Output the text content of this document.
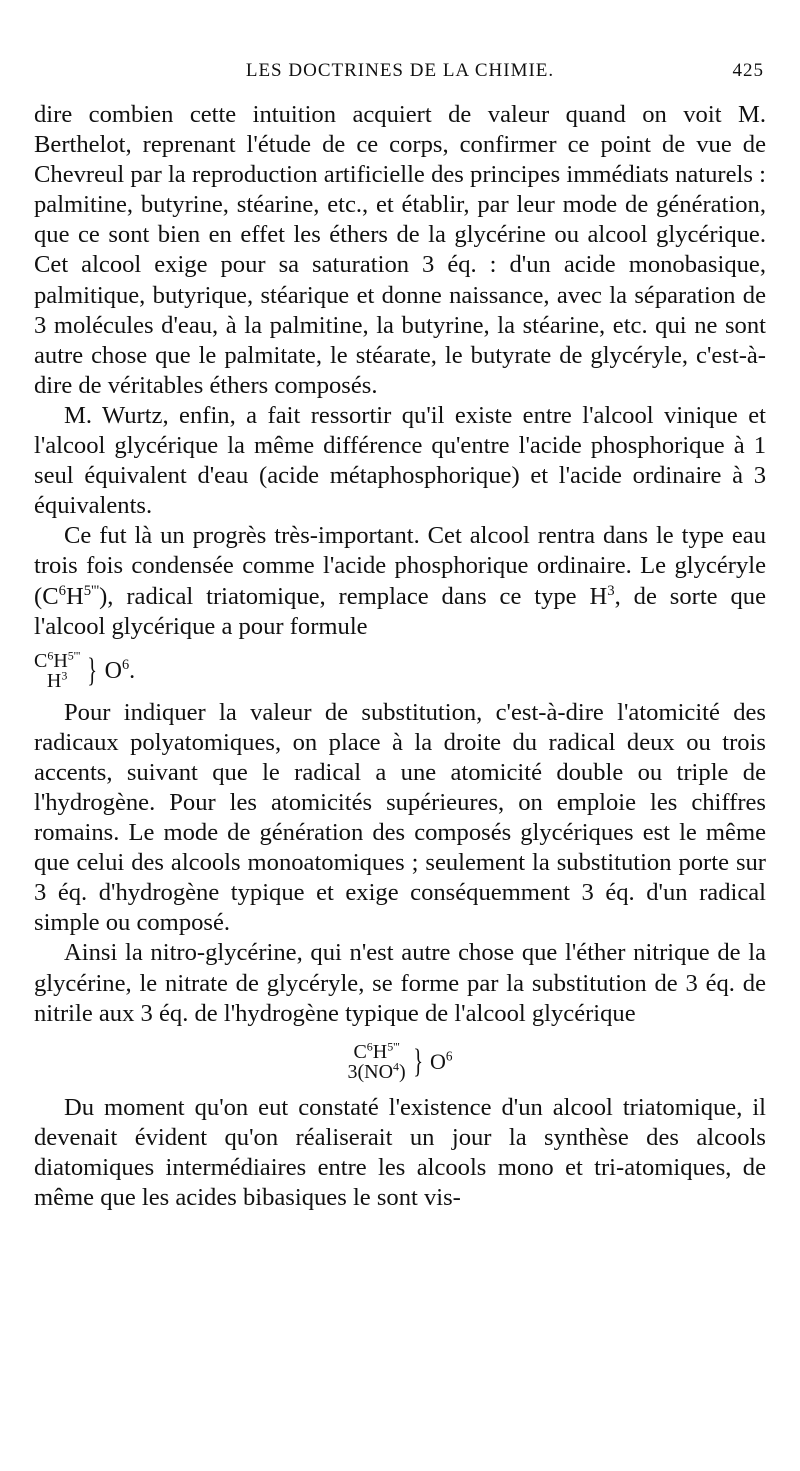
LES DOCTRINES DE LA CHIMIE.	425

dire combien cette intuition acquiert de valeur quand on voit M. Berthelot, reprenant l'étude de ce corps, confirmer ce point de vue de Chevreul par la reproduction artificielle des principes immédiats naturels : palmitine, butyrine, stéarine, etc., et établir, par leur mode de génération, que ce sont bien en effet les éthers de la glycérine ou alcool glycérique. Cet alcool exige pour sa saturation 3 éq. : d'un acide monobasique, palmitique, butyrique, stéarique et donne naissance, avec la séparation de 3 molécules d'eau, à la palmitine, la butyrine, la stéarine, etc. qui ne sont autre chose que le palmitate, le stéarate, le butyrate de glycéryle, c'est-à-dire de véritables éthers composés.

M. Wurtz, enfin, a fait ressortir qu'il existe entre l'alcool vinique et l'alcool glycérique la même différence qu'entre l'acide phosphorique à 1 seul équivalent d'eau (acide métaphosphorique) et l'acide ordinaire à 3 équivalents.

Ce fut là un progrès très-important. Cet alcool rentra dans le type eau trois fois condensée comme l'acide phosphorique ordinaire. Le glycéryle $(C^6H^{5'''})$, radical triatomique, remplace dans ce type $H^3$, de sorte que l'alcool glycérique a pour formule

$C^6H^{5'''}$
$H^3$ } $O^6$.

Pour indiquer la valeur de substitution, c'est-à-dire l'atomicité des radicaux polyatomiques, on place à la droite du radical deux ou trois accents, suivant que le radical a une atomicité double ou triple de l'hydrogène. Pour les atomicités supérieures, on emploie les chiffres romains. Le mode de génération des composés glycériques est le même que celui des alcools monoatomiques ; seulement la substitution porte sur 3 éq. d'hydrogène typique et exige conséquemment 3 éq. d'un radical simple ou composé.

Ainsi la nitro-glycérine, qui n'est autre chose que l'éther nitrique de la glycérine, le nitrate de glycéryle, se forme par la substitution de 3 éq. de nitrile aux 3 éq. de l'hydrogène typique de l'alcool glycérique

$C^6H^{5'''}$
$3(NO^4)$ } $O^6$

Du moment qu'on eut constaté l'existence d'un alcool triatomique, il devenait évident qu'on réaliserait un jour la synthèse des alcools diatomiques intermédiaires entre les alcools mono et tri-atomiques, de même que les acides bibasiques le sont vis-
